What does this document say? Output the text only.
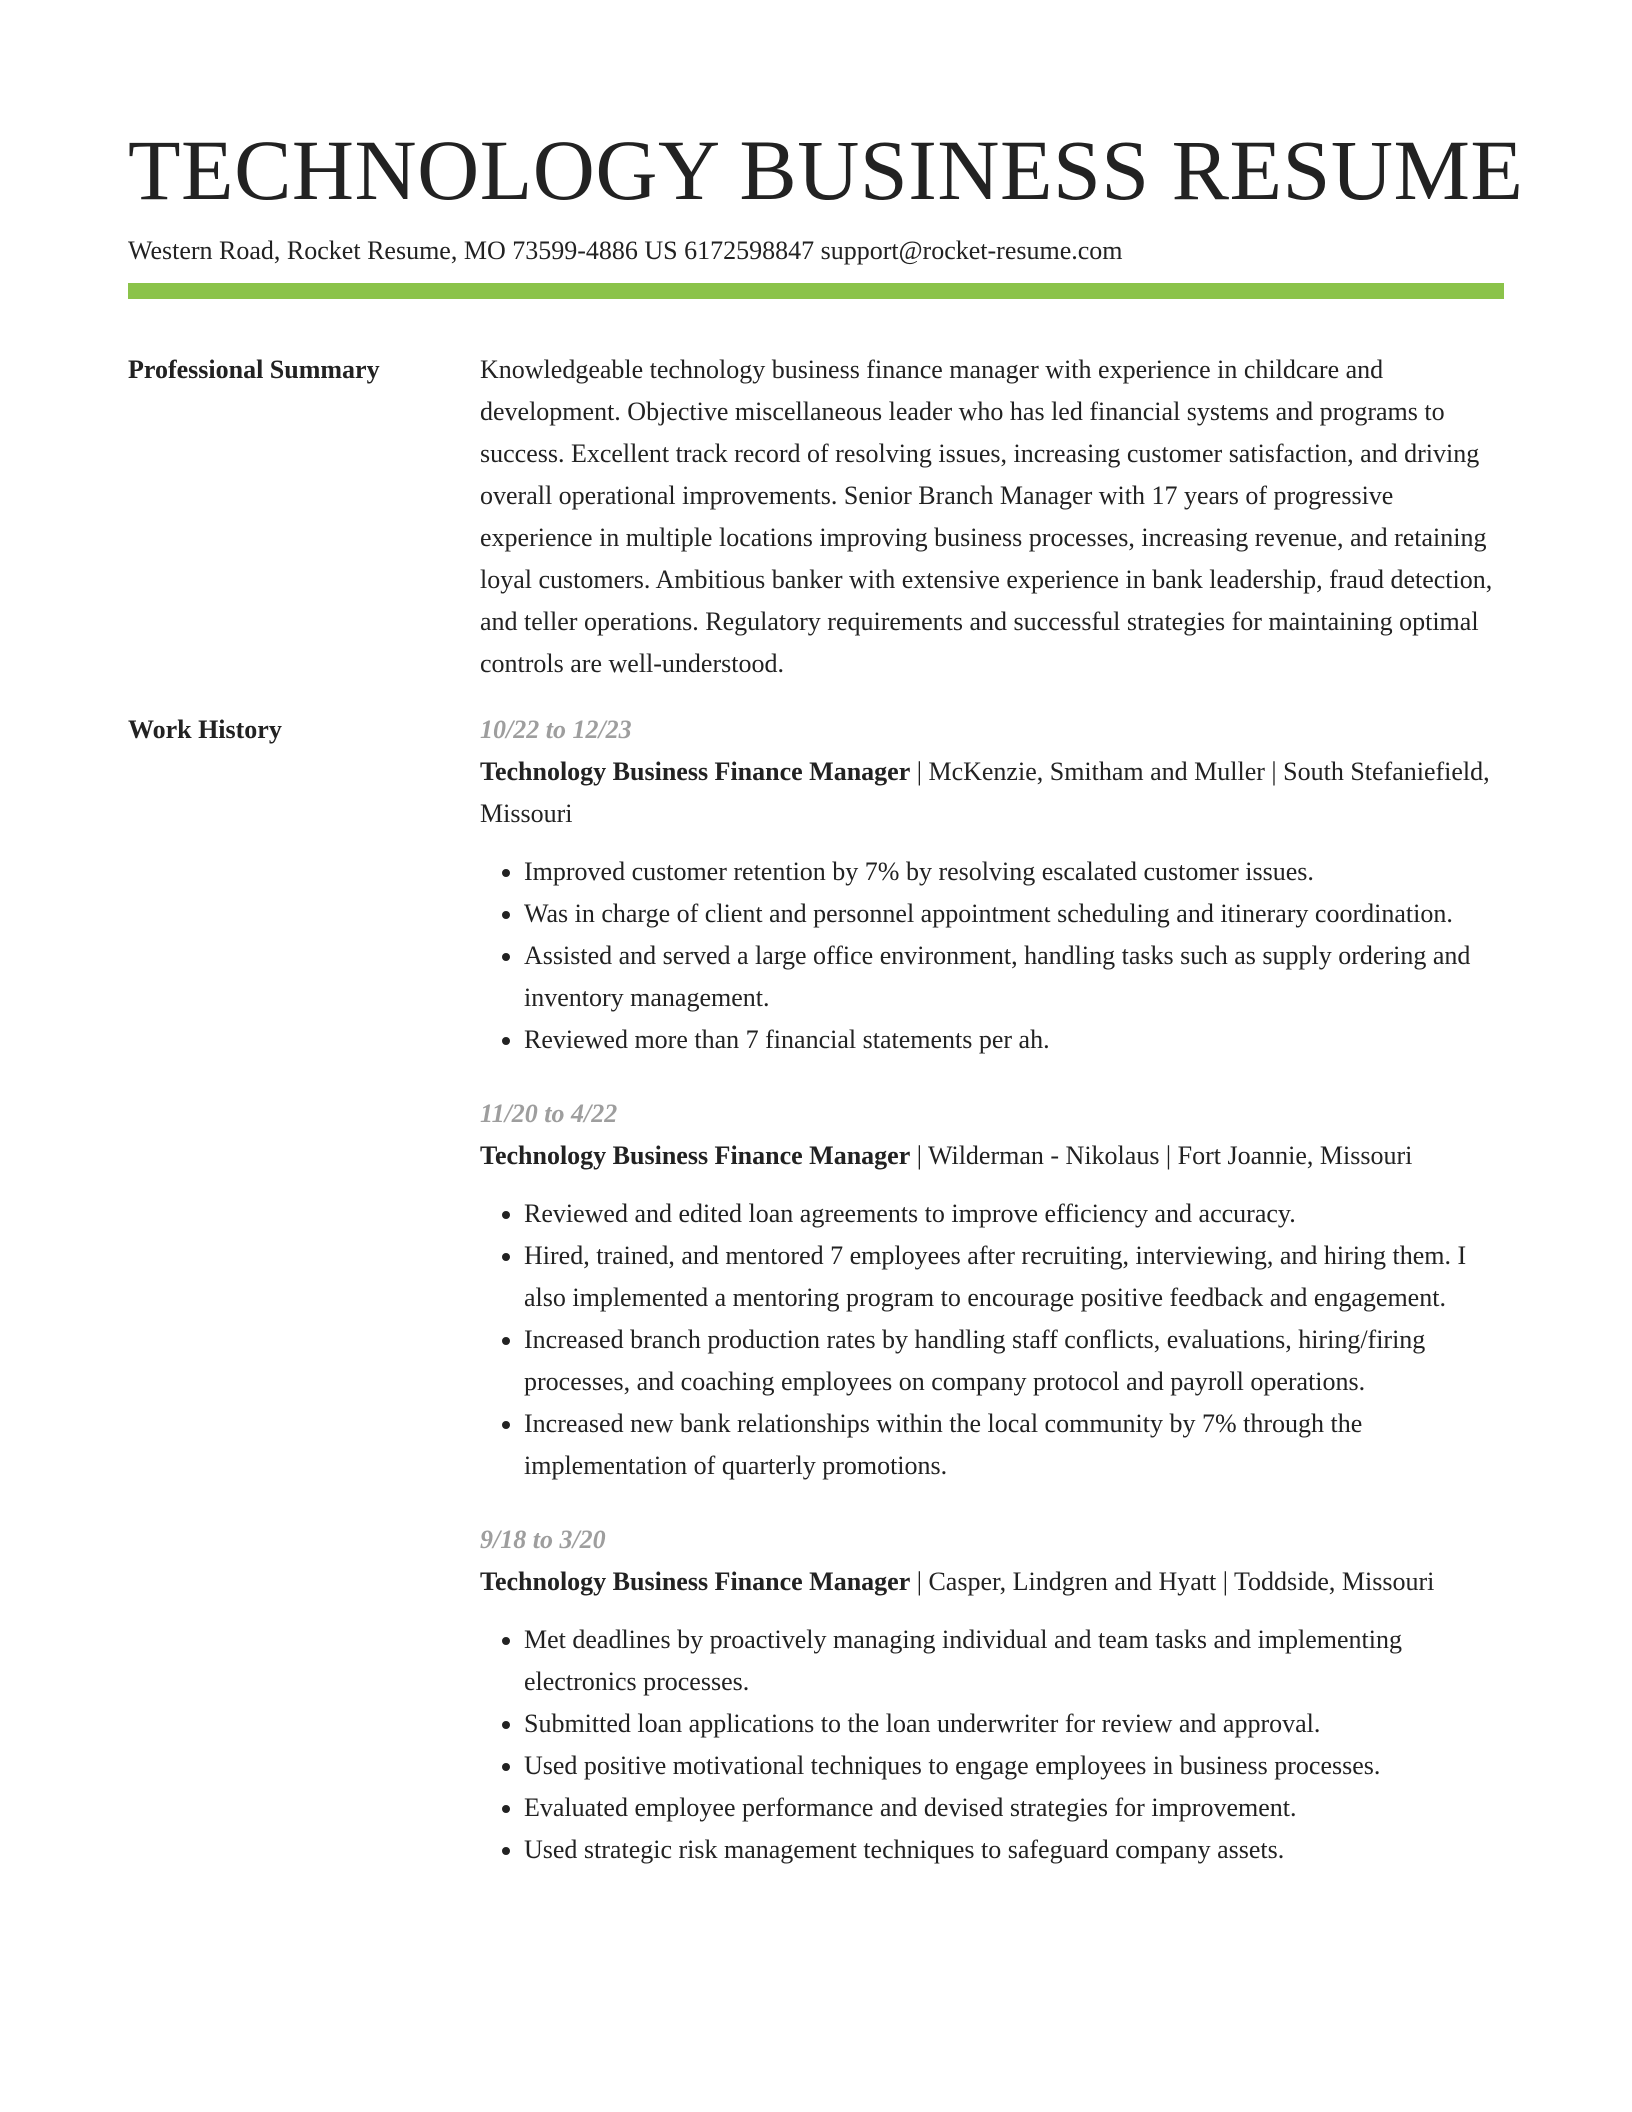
TECHNOLOGY BUSINESS RESUME
Western Road, Rocket Resume, MO 73599-4886 US 6172598847 support@rocket-resume.com
Professional Summary	Knowledgeable technology business finance manager with experience in childcare and development. Objective miscellaneous leader who has led financial systems and programs to success. Excellent track record of resolving issues, increasing customer satisfaction, and driving overall operational improvements. Senior Branch Manager with 17 years of progressive experience in multiple locations improving business processes, increasing revenue, and retaining loyal customers. Ambitious banker with extensive experience in bank leadership, fraud detection, and teller operations. Regulatory requirements and successful strategies for maintaining optimal controls are well-understood.

Work History	10/22 to 12/23
Technology Business Finance Manager | McKenzie, Smitham and Muller | South Stefaniefield, Missouri
• Improved customer retention by 7% by resolving escalated customer issues.
• Was in charge of client and personnel appointment scheduling and itinerary coordination.
• Assisted and served a large office environment, handling tasks such as supply ordering and inventory management.
• Reviewed more than 7 financial statements per ah.
11/20 to 4/22
Technology Business Finance Manager | Wilderman - Nikolaus | Fort Joannie, Missouri
• Reviewed and edited loan agreements to improve efficiency and accuracy.
• Hired, trained, and mentored 7 employees after recruiting, interviewing, and hiring them. I also implemented a mentoring program to encourage positive feedback and engagement.
• Increased branch production rates by handling staff conflicts, evaluations, hiring/firing processes, and coaching employees on company protocol and payroll operations.
• Increased new bank relationships within the local community by 7% through the implementation of quarterly promotions.
9/18 to 3/20
Technology Business Finance Manager | Casper, Lindgren and Hyatt | Toddside, Missouri
• Met deadlines by proactively managing individual and team tasks and implementing electronics processes.
• Submitted loan applications to the loan underwriter for review and approval.
• Used positive motivational techniques to engage employees in business processes.
• Evaluated employee performance and devised strategies for improvement.
• Used strategic risk management techniques to safeguard company assets.
